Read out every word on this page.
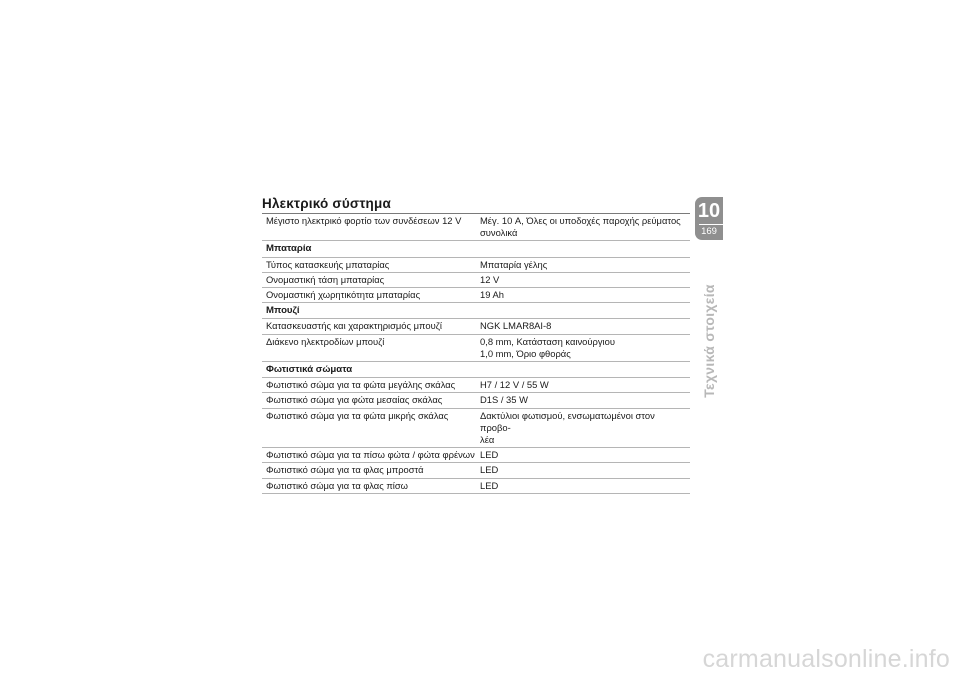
Ηλεκτρικό σύστημα
Μέγιστο ηλεκτρικό φορτίο των συνδέσεων 12 V	Μέγ. 10 A, Όλες οι υποδοχές παροχής ρεύματος συνολικά
Μπαταρία
Τύπος κατασκευής μπαταρίας	Μπαταρία γέλης
Ονομαστική τάση μπαταρίας	12 V
Ονομαστική χωρητικότητα μπαταρίας	19 Ah
Μπουζί
Κατασκευαστής και χαρακτηρισμός μπουζί	NGK LMAR8AI-8
Διάκενο ηλεκτροδίων μπουζί	0,8 mm, Κατάσταση καινούργιου
1,0 mm, Όριο φθοράς
Φωτιστικά σώματα
Φωτιστικό σώμα για τα φώτα μεγάλης σκάλας	H7 / 12 V / 55 W
Φωτιστικό σώμα για φώτα μεσαίας σκάλας	D1S / 35 W
Φωτιστικό σώμα για τα φώτα μικρής σκάλας	Δακτύλιοι φωτισμού, ενσωματωμένοι στον προβο-
λέα
Φωτιστικό σώμα για τα πίσω φώτα / φώτα φρένων LED
Φωτιστικό σώμα για τα φλας μπροστά	LED
Φωτιστικό σώμα για τα φλας πίσω	LED
10
169
Τεχνικά στοιχεία
carmanualsonline.info
